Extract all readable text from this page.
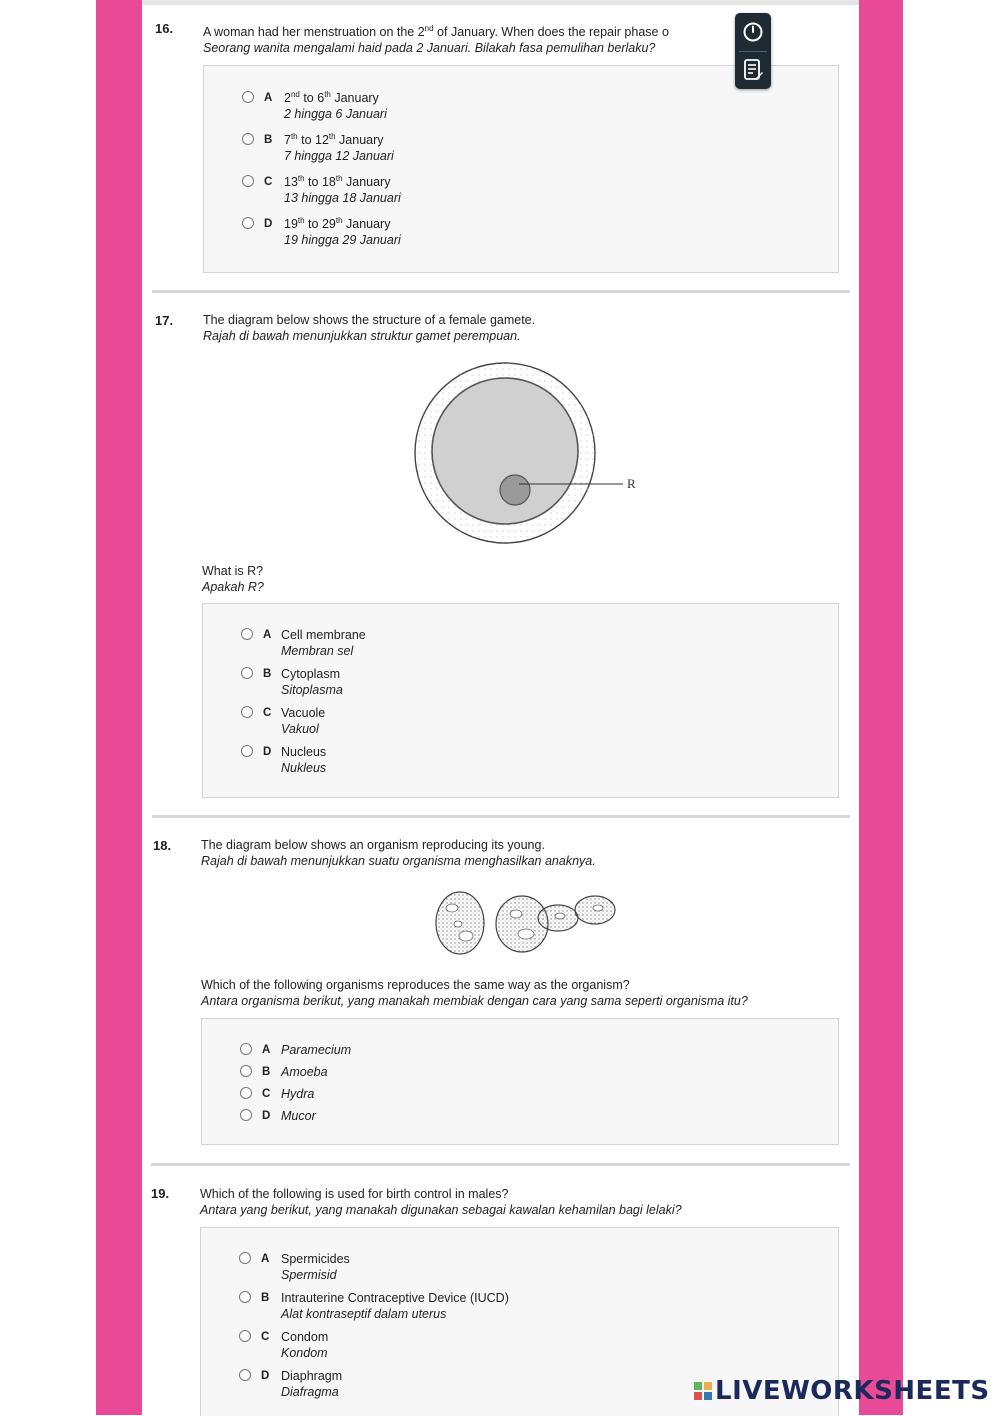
16. A woman had her menstruation on the 2nd of January. When does the repair phase o
Seorang wanita mengalami haid pada 2 Januari. Bilakah fasa pemulihan berlaku?
A 2nd to 6th January
2 hingga 6 Januari
B 7th to 12th January
7 hingga 12 Januari
C 13th to 18th January
13 hingga 18 Januari
D 19th to 29th January
19 hingga 29 Januari
17. The diagram below shows the structure of a female gamete.
Rajah di bawah menunjukkan struktur gamet perempuan.
R
What is R?
Apakah R?
A Cell membrane
Membran sel
B Cytoplasm
Sitoplasma
C Vacuole
Vakuol
D Nucleus
Nukleus
18. The diagram below shows an organism reproducing its young.
Rajah di bawah menunjukkan suatu organisma menghasilkan anaknya.
Which of the following organisms reproduces the same way as the organism?
Antara organisma berikut, yang manakah membiak dengan cara yang sama seperti organisma itu?
A Paramecium
B Amoeba
C Hydra
D Mucor
19. Which of the following is used for birth control in males?
Antara yang berikut, yang manakah digunakan sebagai kawalan kehamilan bagi lelaki?
A Spermicides
Spermisid
B Intrauterine Contraceptive Device (IUCD)
Alat kontraseptif dalam uterus
C Condom
Kondom
D Diaphragm
Diafragma	LIVEWORKSHEETS
